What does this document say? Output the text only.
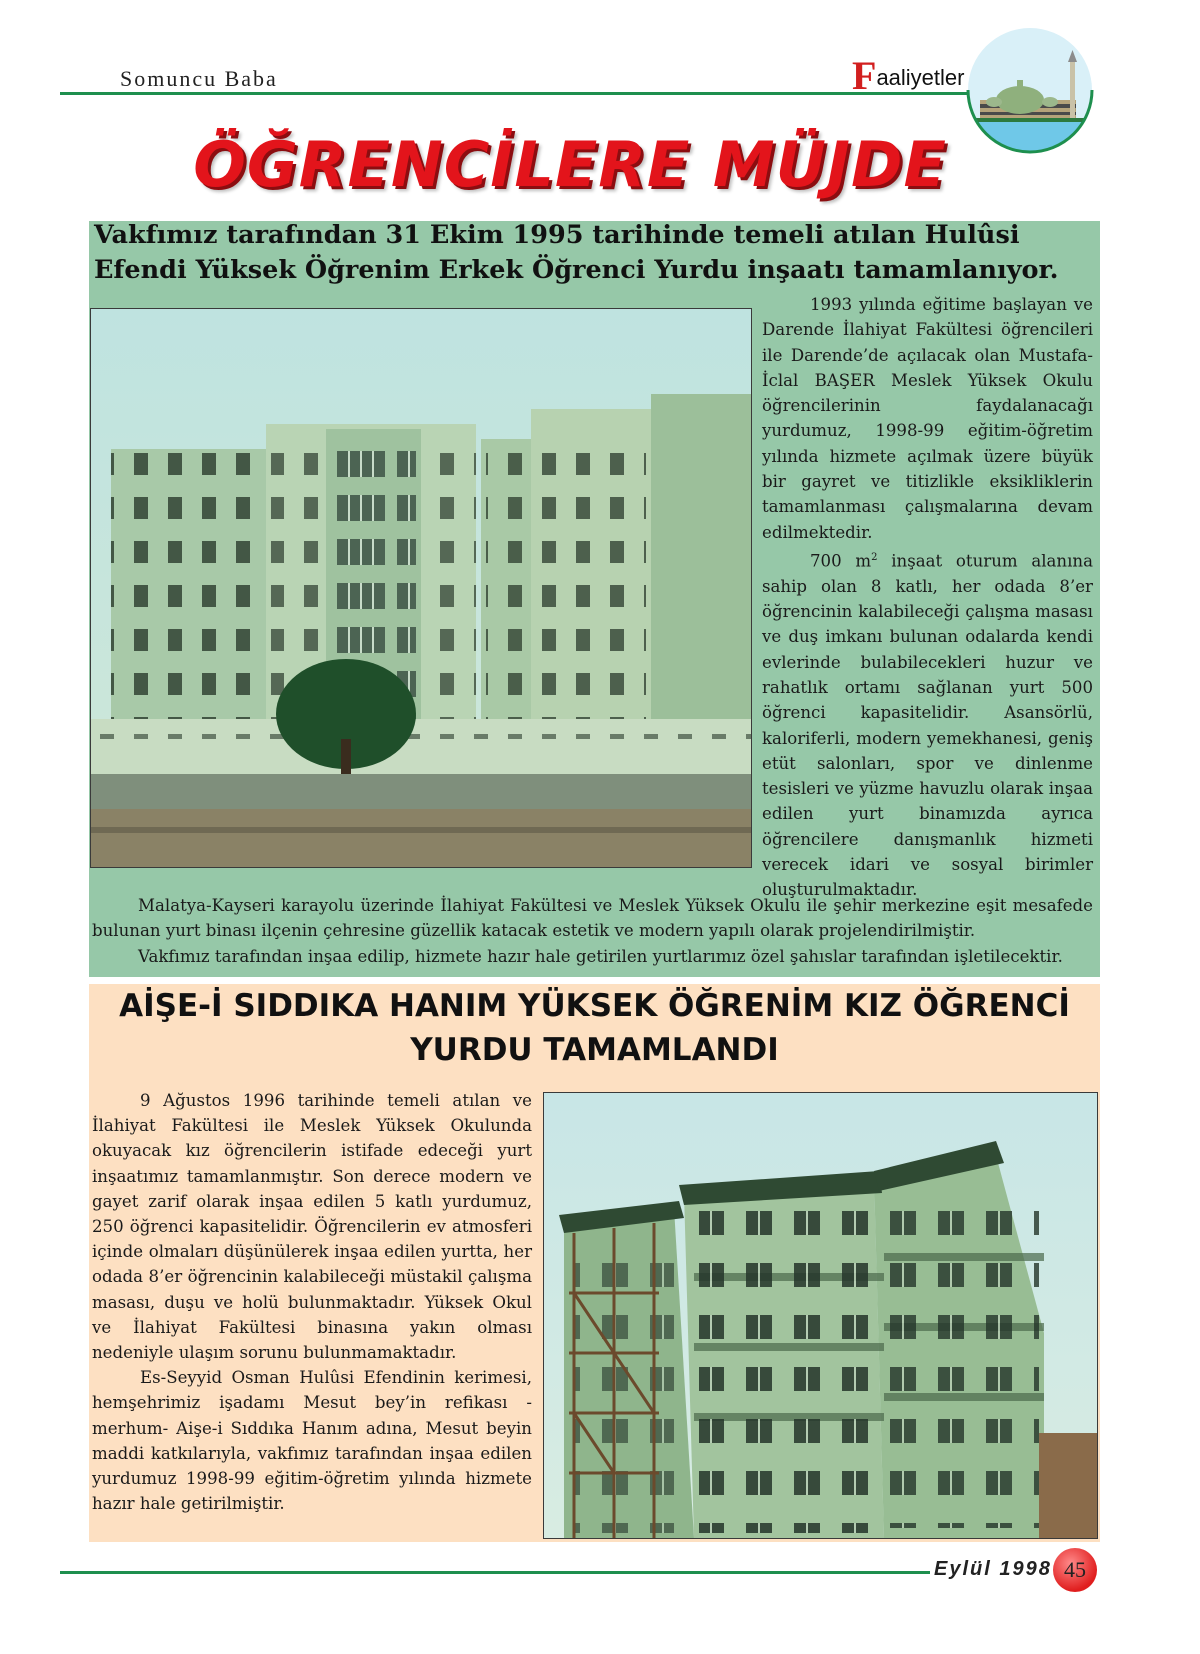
Somuncu Baba	Faaliyetler
ÖĞRENCİLERE MÜJDE
Vakfımız tarafından 31 Ekim 1995 tarihinde temeli atılan Hulûsi Efendi Yüksek Öğrenim Erkek Öğrenci Yurdu inşaatı tamamlanıyor.

1993 yılında eğitime başlayan ve Darende İlahiyat Fakültesi öğrencileri ile Darende’de açılacak olan Mustafa-İclal BAŞER Meslek Yüksek Okulu öğrencilerinin faydalanacağı yurdumuz, 1998-99 eğitim-öğretim yılında hizmete açılmak üzere büyük bir gayret ve titizlikle eksikliklerin tamamlanması çalışmalarına devam edilmektedir.

700 $m^2$ inşaat oturum alanına sahip olan 8 katlı, her odada 8’er öğrencinin kalabileceği çalışma masası ve duş imkanı bulunan odalarda kendi evlerinde bulabilecekleri huzur ve rahatlık ortamı sağlanan yurt 500 öğrenci kapasitelidir. Asansörlü, kaloriferli, modern yemekhanesi, geniş etüt salonları, spor ve dinlenme tesisleri ve yüzme havuzlu olarak inşaa edilen yurt binamızda ayrıca öğrencilere danışmanlık hizmeti verecek idari ve sosyal birimler oluşturulmaktadır.

Malatya-Kayseri karayolu üzerinde İlahiyat Fakültesi ve Meslek Yüksek Okulu ile şehir merkezine eşit mesafede bulunan yurt binası ilçenin çehresine güzellik katacak estetik ve modern yapılı olarak projelendirilmiştir.

Vakfımız tarafından inşaa edilip, hizmete hazır hale getirilen yurtlarımız özel şahıslar tarafından işletilecektir.

AİŞE-İ SIDDIKA HANIM YÜKSEK ÖĞRENİM KIZ ÖĞRENCİ
YURDU TAMAMLANDI

9 Ağustos 1996 tarihinde temeli atılan ve İlahiyat Fakültesi ile Meslek Yüksek Okulunda okuyacak kız öğrencilerin istifade edeceği yurt inşaatımız tamamlanmıştır. Son derece modern ve gayet zarif olarak inşaa edilen 5 katlı yurdumuz, 250 öğrenci kapasitelidir. Öğrencilerin ev atmosferi içinde olmaları düşünülerek inşaa edilen yurtta, her odada 8’er öğrencinin kalabileceği müstakil çalışma masası, duşu ve holü bulunmaktadır. Yüksek Okul ve İlahiyat Fakültesi binasına yakın olması nedeniyle ulaşım sorunu bulunmamaktadır.

Es-Seyyid Osman Hulûsi Efendinin kerimesi, hemşehrimiz işadamı Mesut bey’in refikası -merhum- Aişe-i Sıddıka Hanım adına, Mesut beyin maddi katkılarıyla, vakfımız tarafından inşaa edilen yurdumuz 1998-99 eğitim-öğretim yılında hizmete hazır hale getirilmiştir.

Eylül 1998 45
